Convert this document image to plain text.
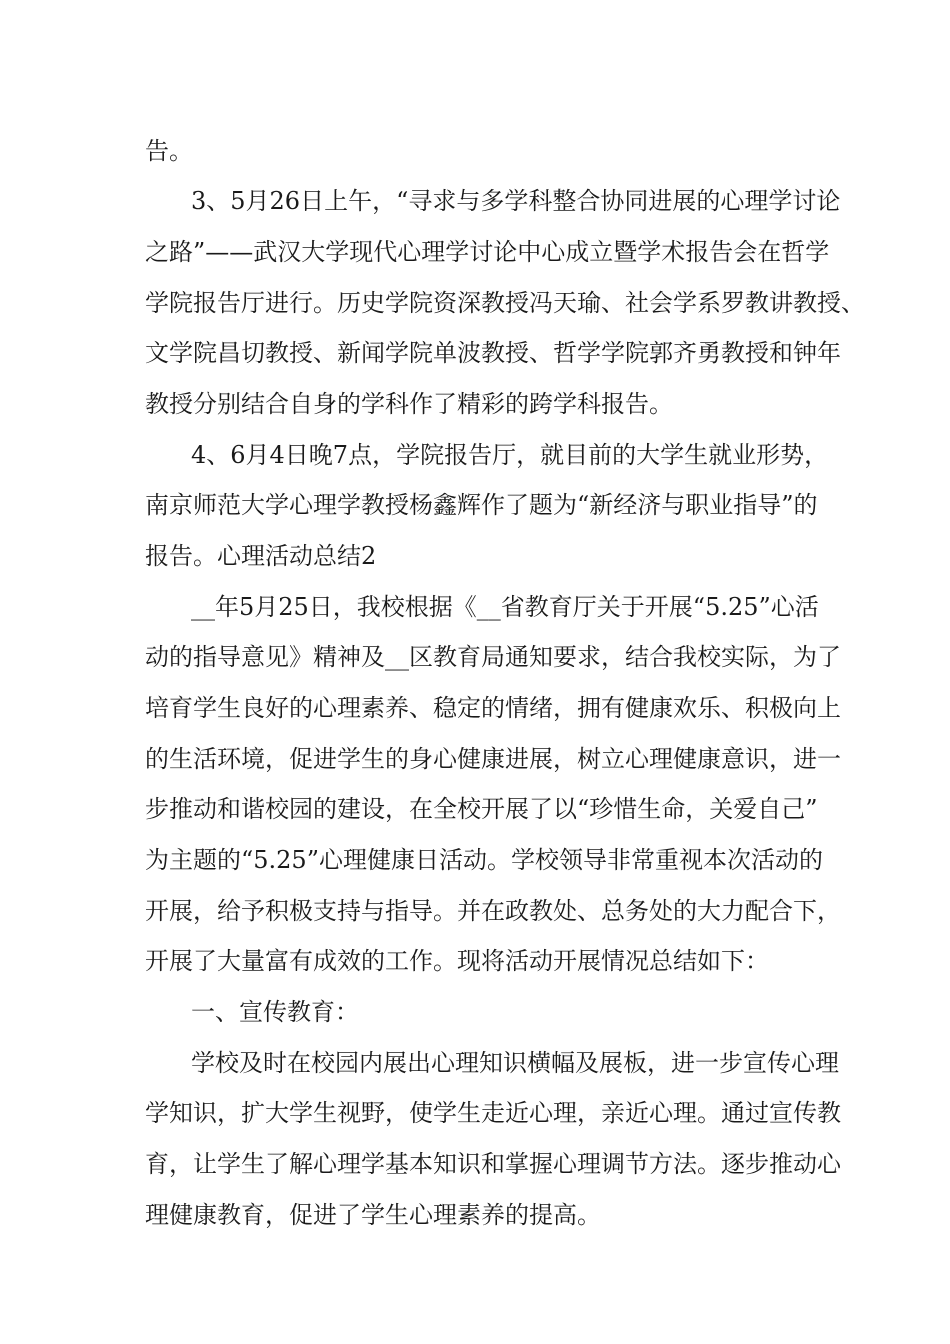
告。
3、5月26日上午，“寻求与多学科整合协同进展的心理学讨论
之路”——武汉大学现代心理学讨论中心成立暨学术报告会在哲学
学院报告厅进行。历史学院资深教授冯天瑜、社会学系罗教讲教授、
文学院昌切教授、新闻学院单波教授、哲学学院郭齐勇教授和钟年
教授分别结合自身的学科作了精彩的跨学科报告。
4、6月4日晚7点，学院报告厅，就目前的大学生就业形势，
南京师范大学心理学教授杨鑫辉作了题为“新经济与职业指导”的
报告。心理活动总结2
__年5月25日，我校根据《__省教育厅关于开展“5.25”心活
动的指导意见》精神及__区教育局通知要求，结合我校实际，为了
培育学生良好的心理素养、稳定的情绪，拥有健康欢乐、积极向上
的生活环境，促进学生的身心健康进展，树立心理健康意识，进一
步推动和谐校园的建设，在全校开展了以“珍惜生命，关爱自己”
为主题的“5.25”心理健康日活动。学校领导非常重视本次活动的
开展，给予积极支持与指导。并在政教处、总务处的大力配合下，
开展了大量富有成效的工作。现将活动开展情况总结如下：
一、宣传教育：
学校及时在校园内展出心理知识横幅及展板，进一步宣传心理
学知识，扩大学生视野，使学生走近心理，亲近心理。通过宣传教
育，让学生了解心理学基本知识和掌握心理调节方法。逐步推动心
理健康教育，促进了学生心理素养的提高。
